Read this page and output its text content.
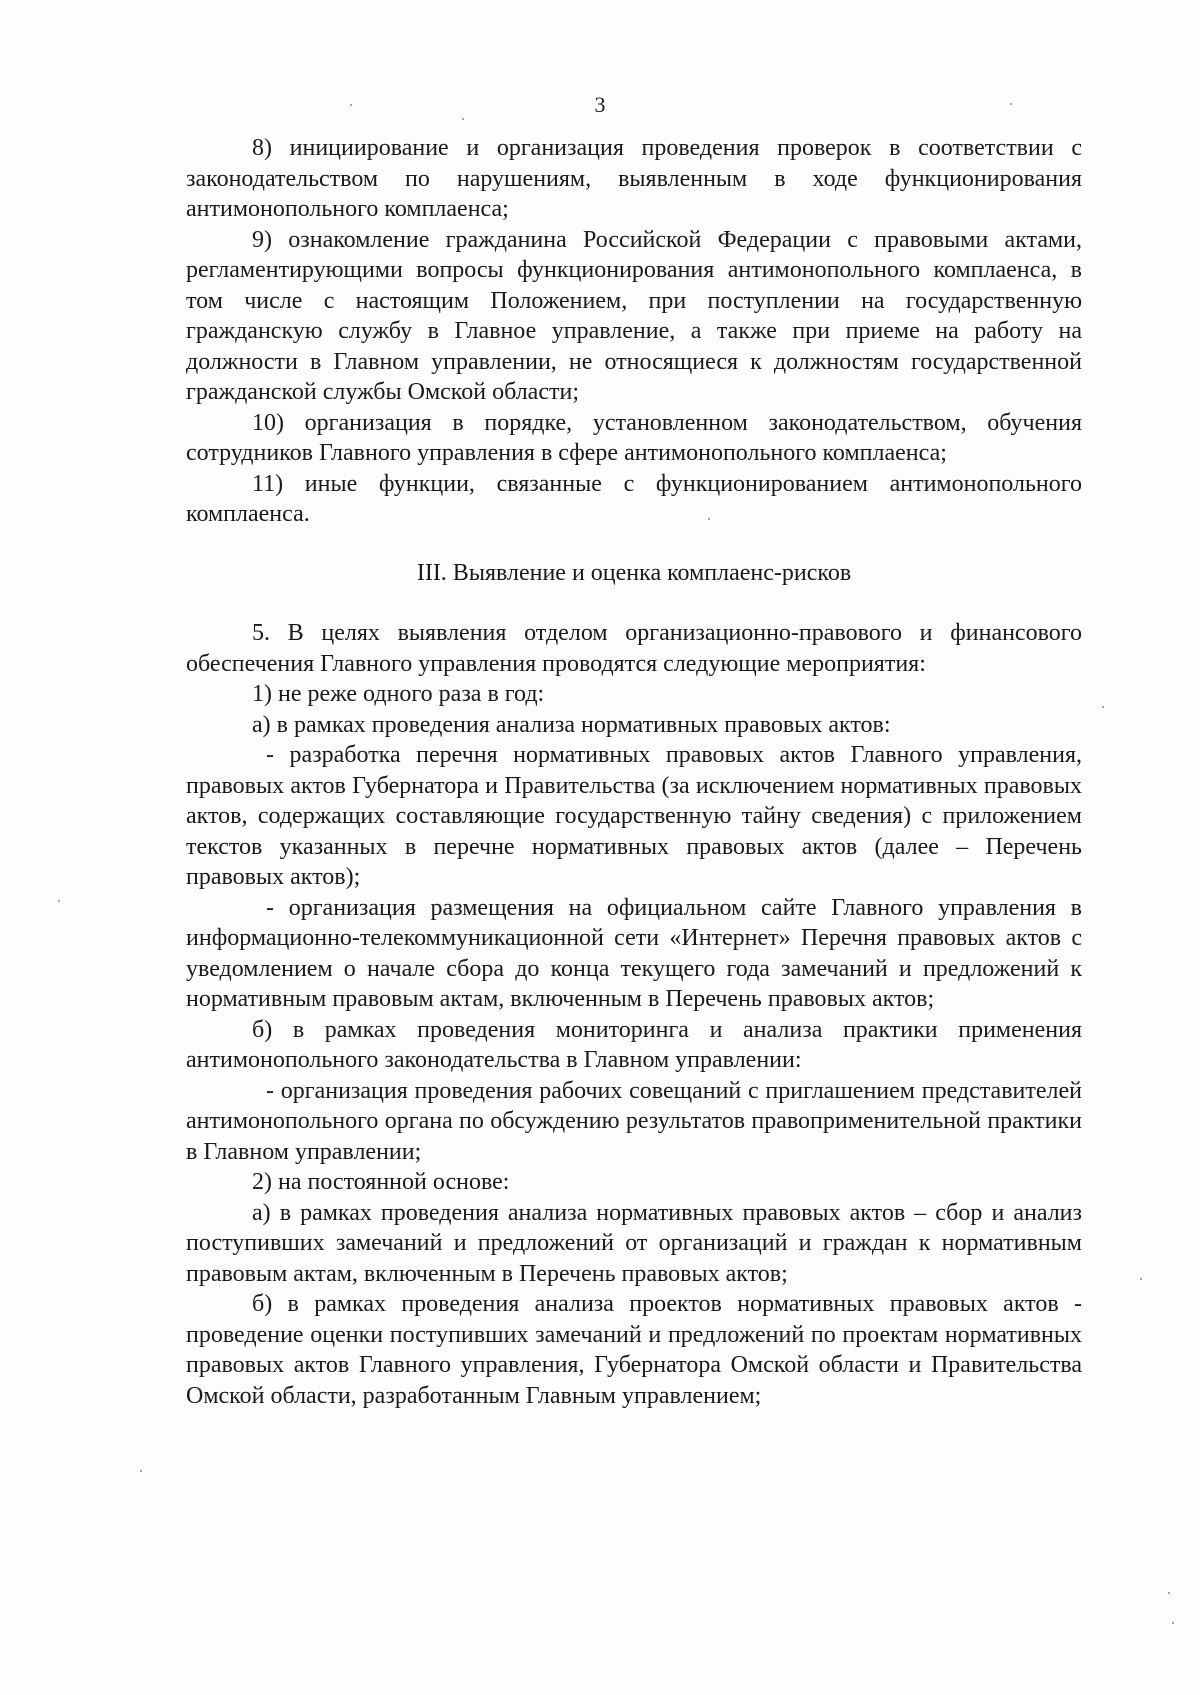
3

8) инициирование и организация проведения проверок в соответствии с законодательством по нарушениям, выявленным в ходе функционирования антимонопольного комплаенса;

9) ознакомление гражданина Российской Федерации с правовыми актами, регламентирующими вопросы функционирования антимонопольного комплаенса, в том числе с настоящим Положением, при поступлении на государственную гражданскую службу в Главное управление, а также при приеме на работу на должности в Главном управлении, не относящиеся к должностям государственной гражданской службы Омской области;

10) организация в порядке, установленном законодательством, обучения сотрудников Главного управления в сфере антимонопольного комплаенса;

11) иные функции, связанные с функционированием антимонопольного комплаенса.

III. Выявление и оценка комплаенс-рисков

5. В целях выявления отделом организационно-правового и финансового обеспечения Главного управления проводятся следующие мероприятия:

1) не реже одного раза в год:

а) в рамках проведения анализа нормативных правовых актов:

- разработка перечня нормативных правовых актов Главного управления, правовых актов Губернатора и Правительства (за исключением нормативных правовых актов, содержащих составляющие государственную тайну сведения) с приложением текстов указанных в перечне нормативных правовых актов (далее – Перечень правовых актов);

- организация размещения на официальном сайте Главного управления в информационно-телекоммуникационной сети «Интернет» Перечня правовых актов с уведомлением о начале сбора до конца текущего года замечаний и предложений к нормативным правовым актам, включенным в Перечень правовых актов;

б) в рамках проведения мониторинга и анализа практики применения антимонопольного законодательства в Главном управлении:

- организация проведения рабочих совещаний с приглашением представителей антимонопольного органа по обсуждению результатов правоприменительной практики в Главном управлении;

2) на постоянной основе:

а) в рамках проведения анализа нормативных правовых актов – сбор и анализ поступивших замечаний и предложений от организаций и граждан к нормативным правовым актам, включенным в Перечень правовых актов;

б) в рамках проведения анализа проектов нормативных правовых актов - проведение оценки поступивших замечаний и предложений по проектам нормативных правовых актов Главного управления, Губернатора Омской области и Правительства Омской области, разработанным Главным управлением;
